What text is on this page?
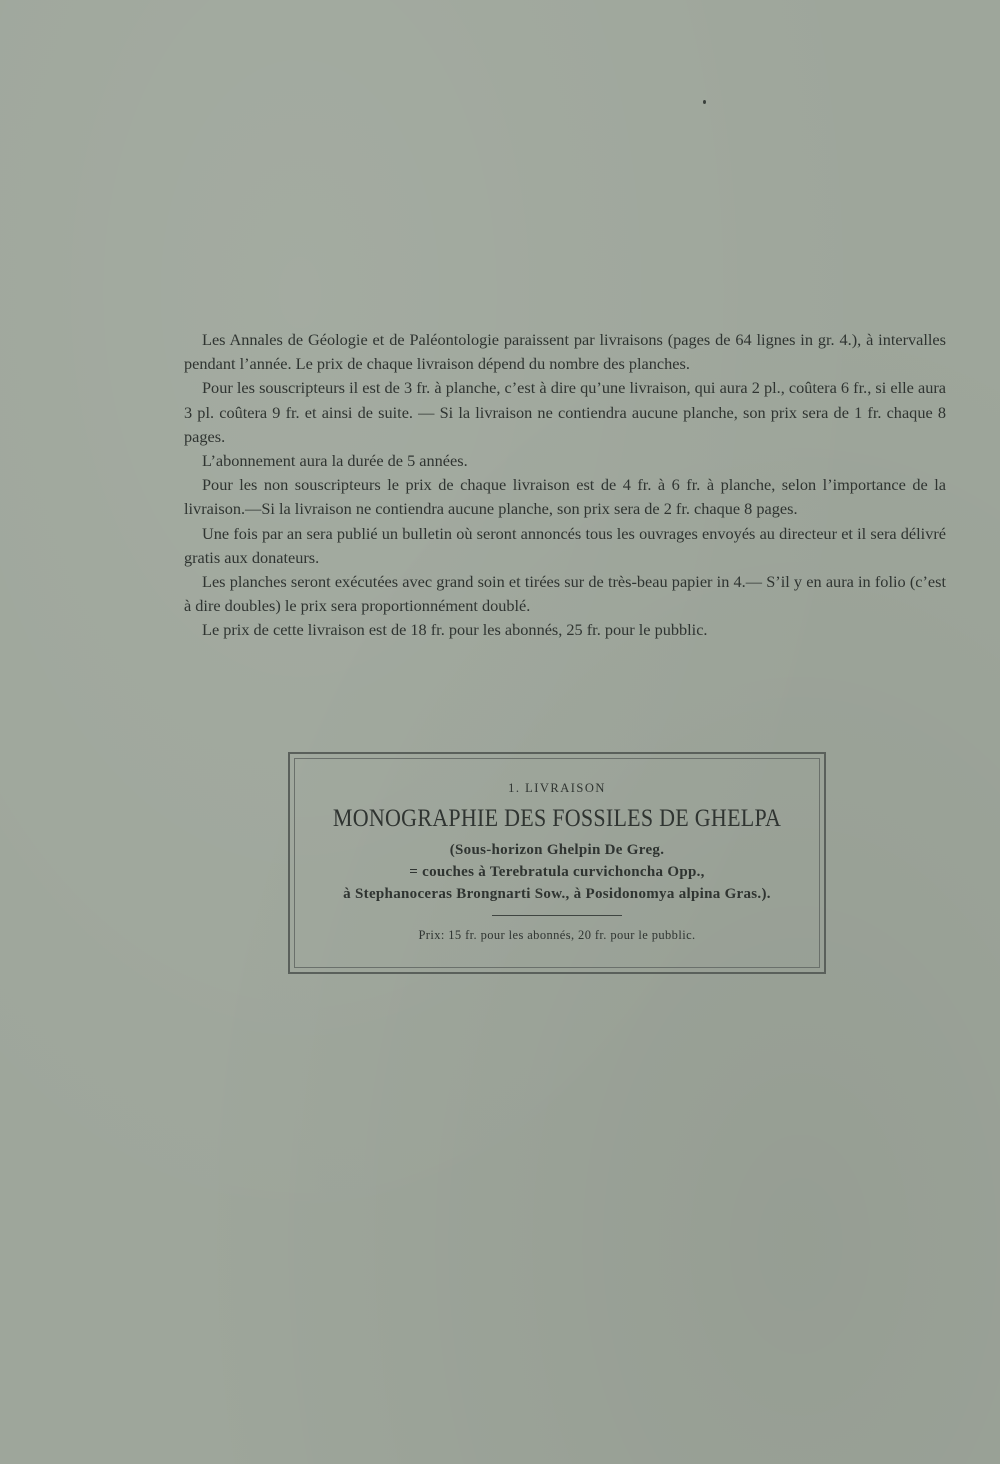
Les Annales de Géologie et de Paléontologie paraissent par livraisons (pages de 64 lignes in gr. 4.), à intervalles pendant l’année. Le prix de chaque livraison dépend du nombre des planches.

Pour les souscripteurs il est de 3 fr. à planche, c’est à dire qu’une livraison, qui aura 2 pl., coûtera 6 fr., si elle aura 3 pl. coûtera 9 fr. et ainsi de suite. — Si la livraison ne contiendra aucune planche, son prix sera de 1 fr. chaque 8 pages.

L’abonnement aura la durée de 5 années.

Pour les non souscripteurs le prix de chaque livraison est de 4 fr. à 6 fr. à planche, selon l’importance de la livraison.—Si la livraison ne contiendra aucune planche, son prix sera de 2 fr. chaque 8 pages.

Une fois par an sera publié un bulletin où seront annoncés tous les ouvrages envoyés au directeur et il sera délivré gratis aux donateurs.

Les planches seront exécutées avec grand soin et tirées sur de très-beau papier in 4.— S’il y en aura in folio (c’est à dire doubles) le prix sera proportionnément doublé.

Le prix de cette livraison est de 18 fr. pour les abonnés, 25 fr. pour le pubblic.

1. LIVRAISON
MONOGRAPHIE DES FOSSILES DE GHELPA
(Sous-horizon Ghelpin De Greg.
= couches à Terebratula curvichoncha Opp.,
à Stephanoceras Brongnarti Sow., à Posidonomya alpina Gras.).
Prix: 15 fr. pour les abonnés, 20 fr. pour le pubblic.
